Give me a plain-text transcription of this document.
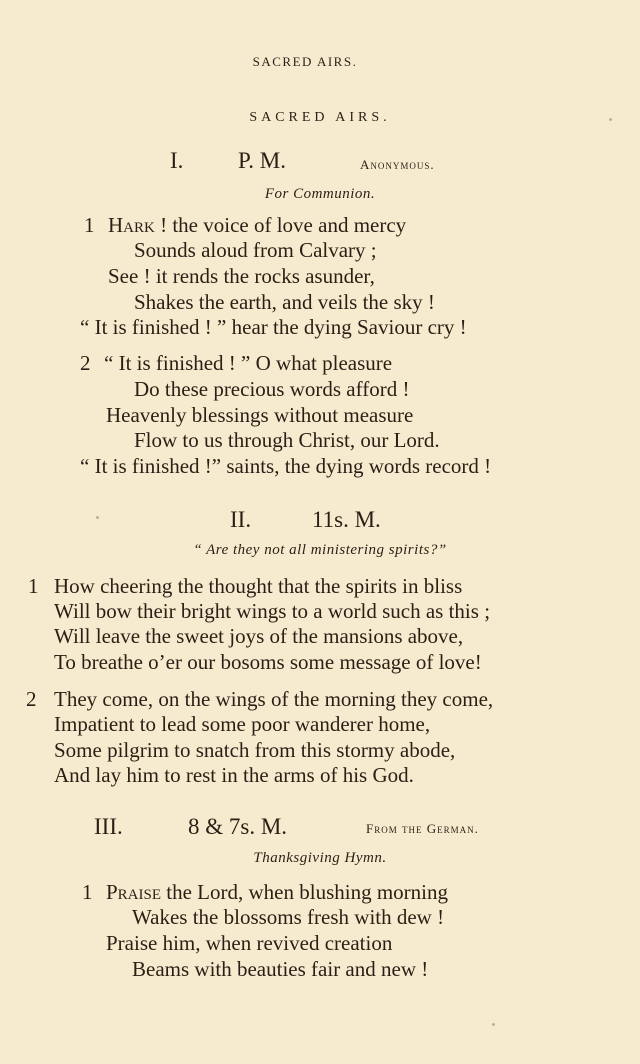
SACRED AIRS.
SACRED AIRS.
I. P. M.	Anonymous.
For Communion.
1 Hark ! the voice of love and mercy
Sounds aloud from Calvary ;
See ! it rends the rocks asunder,
Shakes the earth, and veils the sky !
“ It is finished ! ” hear the dying Saviour cry !
2 “ It is finished ! ” O what pleasure
Do these precious words afford !
Heavenly blessings without measure
Flow to us through Christ, our Lord.
“ It is finished !” saints, the dying words record !
II.	11s. M.
“ Are they not all ministering spirits?”
1 How cheering the thought that the spirits in bliss
Will bow their bright wings to a world such as this ;
Will leave the sweet joys of the mansions above,
To breathe o’er our bosoms some message of love!
2 They come, on the wings of the morning they come,
Impatient to lead some poor wanderer home,
Some pilgrim to snatch from this stormy abode,
And lay him to rest in the arms of his God.
III.	8 & 7s. M.	From the German.
Thanksgiving Hymn.
1 Praise the Lord, when blushing morning
Wakes the blossoms fresh with dew !
Praise him, when revived creation
Beams with beauties fair and new !
